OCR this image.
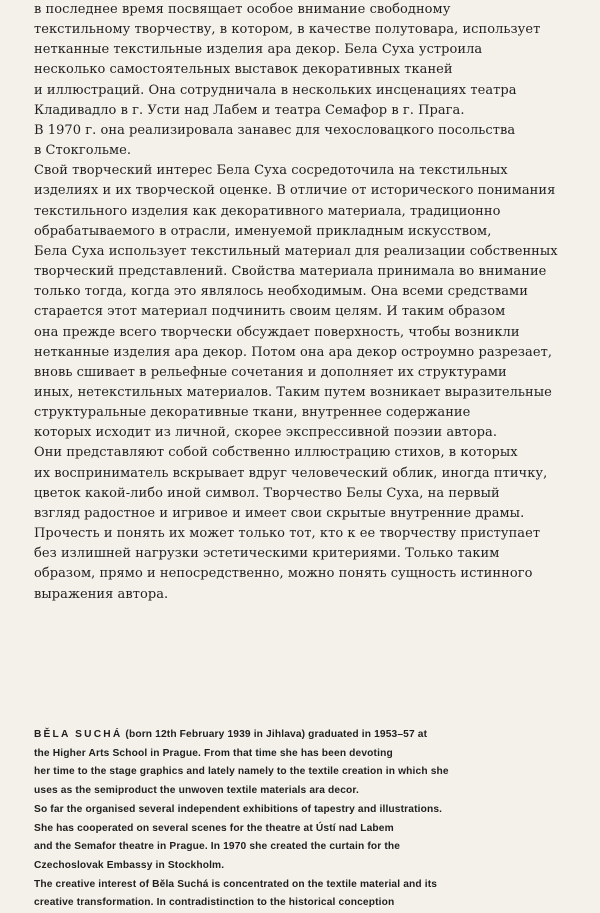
в последнее время посвящает особое внимание свободному
текстильному творчеству, в котором, в качестве полутовара, использует
нетканные текстильные изделия ара декор. Бела Суха устроила
несколько самостоятельных выставок декоративных тканей
и иллюстраций. Она сотрудничала в нескольких инсценациях театра
Кладивадло в г. Усти над Лабем и театра Семафор в г. Прага.
В 1970 г. она реализировала занавес для чехословацкого посольства
в Стокгольме.
Свой творческий интерес Бела Суха сосредоточила на текстильных
изделиях и их творческой оценке. В отличие от исторического понимания
текстильного изделия как декоративного материала, традиционно
обрабатываемого в отрасли, именуемой прикладным искусством,
Бела Суха использует текстильный материал для реализации собственных
творческий представлений. Свойства материала принимала во внимание
только тогда, когда это являлось необходимым. Она всеми средствами
старается этот материал подчинить своим целям. И таким образом
она прежде всего творчески обсуждает поверхность, чтобы возникли
нетканные изделия ара декор. Потом она ара декор остроумно разрезает,
вновь сшивает в рельефные сочетания и дополняет их структурами
иных, нетекстильных материалов. Таким путем возникает выразительные
структуральные декоративные ткани, внутреннее содержание
которых исходит из личной, скорее экспрессивной поэзии автора.
Они представляют собой собственно иллюстрацию стихов, в которых
их восприниматель вскрывает вдруг человеческий облик, иногда птичку,
цветок какой-либо иной символ. Творчество Белы Суха, на первый
взгляд радостное и игривое и имеет свои скрытые внутренние драмы.
Прочесть и понять их может только тот, кто к ее творчеству приступает
без излишней нагрузки эстетическими критериями. Только таким
образом, прямо и непосредственно, можно понять сущность истинного
выражения автора.
BĚLA SUCHÁ (born 12th February 1939 in Jihlava) graduated in 1953–57 at
the Higher Arts School in Prague. From that time she has been devoting
her time to the stage graphics and lately namely to the textile creation in which she
uses as the semiproduct the unwoven textile materials ara decor.
So far the organised several independent exhibitions of tapestry and illustrations.
She has cooperated on several scenes for the theatre at Ústí nad Labem
and the Semafor theatre in Prague. In 1970 she created the curtain for the
Czechoslovak Embassy in Stockholm.
The creative interest of Běla Suchá is concentrated on the textile material and its
creative transformation. In contradistinction to the historical conception
